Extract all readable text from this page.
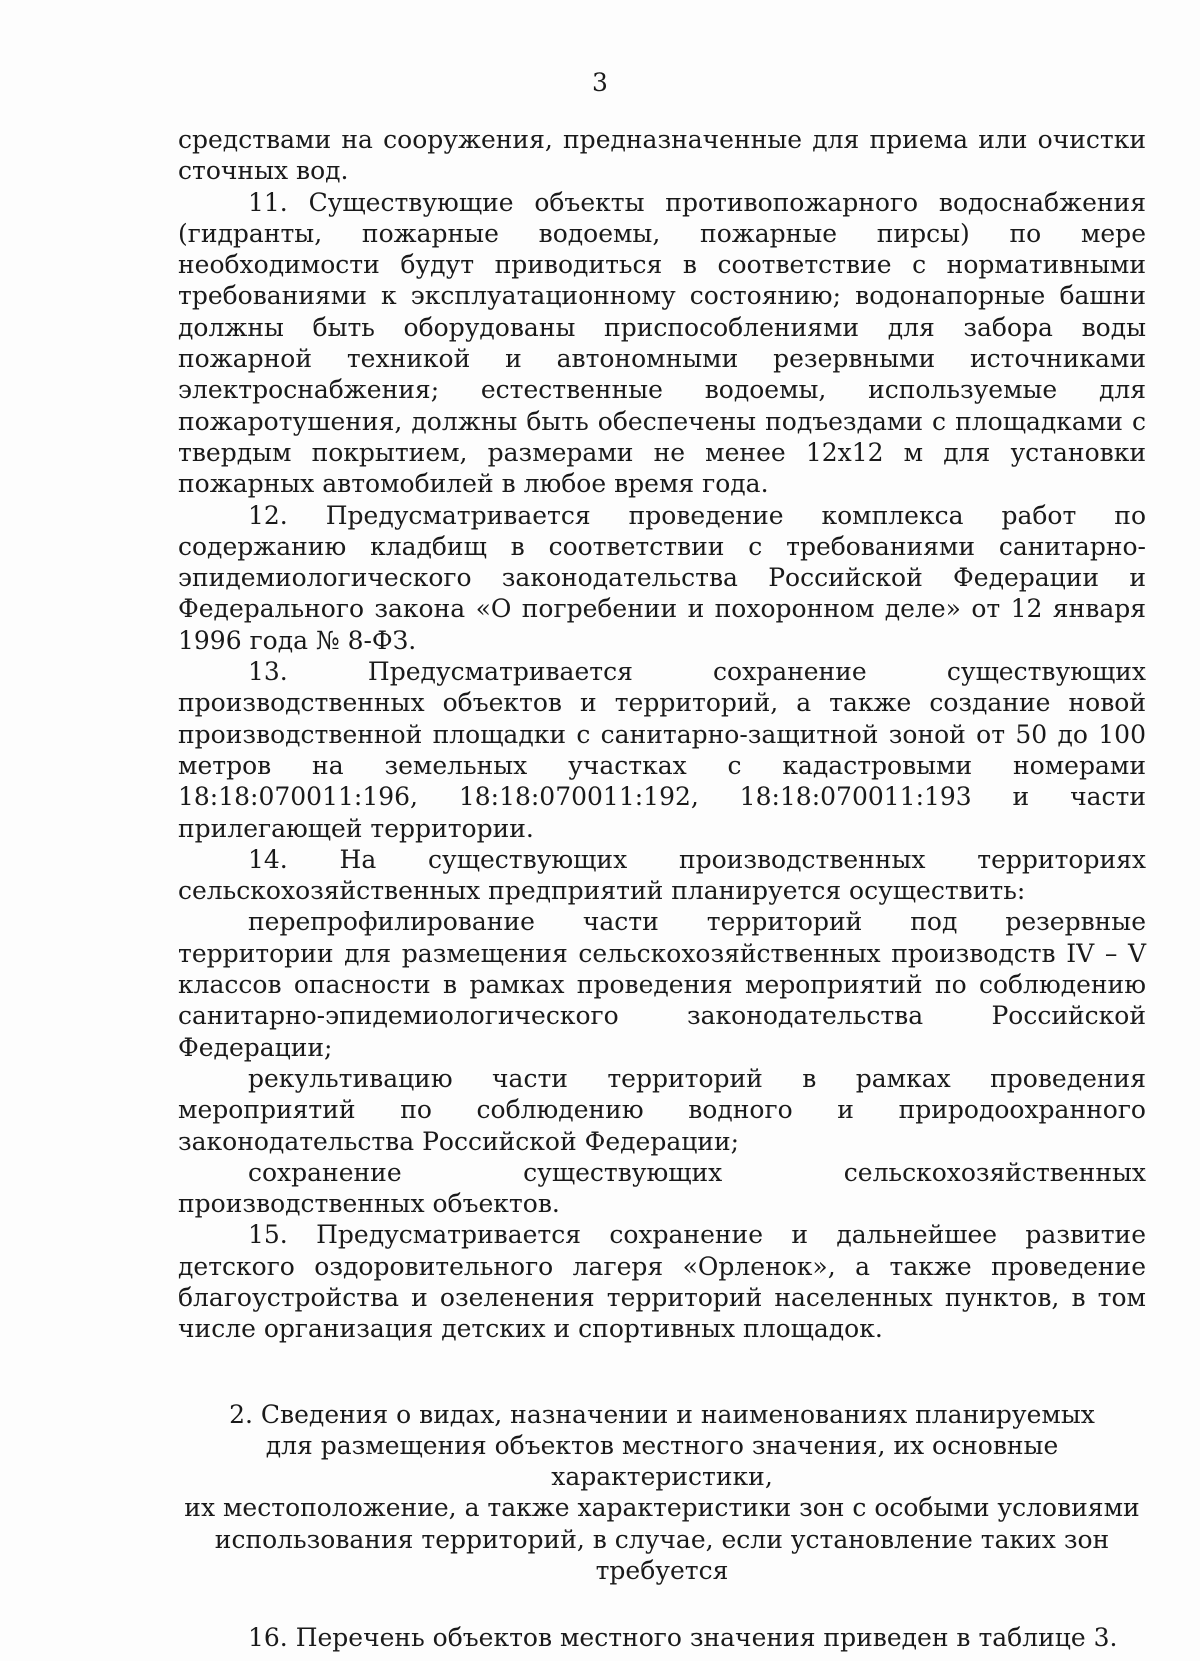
3

средствами на сооружения, предназначенные для приема или очистки сточных вод.

11. Существующие объекты противопожарного водоснабжения (гидранты, пожарные водоемы, пожарные пирсы) по мере необходимости будут приводиться в соответствие с нормативными требованиями к эксплуатационному состоянию; водонапорные башни должны быть оборудованы приспособлениями для забора воды пожарной техникой и автономными резервными источниками электроснабжения; естественные водоемы, используемые для пожаротушения, должны быть обеспечены подъездами с площадками с твердым покрытием, размерами не менее 12х12 м для установки пожарных автомобилей в любое время года.

12. Предусматривается проведение комплекса работ по содержанию кладбищ в соответствии с требованиями санитарно-эпидемиологического законодательства Российской Федерации и Федерального закона «О погребении и похоронном деле» от 12 января 1996 года № 8-ФЗ.

13. Предусматривается сохранение существующих производственных объектов и территорий, а также создание новой производственной площадки с санитарно-защитной зоной от 50 до 100 метров на земельных участках с кадастровыми номерами 18:18:070011:196, 18:18:070011:192, 18:18:070011:193 и части прилегающей территории.

14. На существующих производственных территориях сельскохозяйственных предприятий планируется осуществить:

перепрофилирование части территорий под резервные территории для размещения сельскохозяйственных производств IV – V классов опасности в рамках проведения мероприятий по соблюдению санитарно-эпидемиологического законодательства Российской Федерации;

рекультивацию части территорий в рамках проведения мероприятий по соблюдению водного и природоохранного законодательства Российской Федерации;

сохранение существующих сельскохозяйственных производственных объектов.

15. Предусматривается сохранение и дальнейшее развитие детского оздоровительного лагеря «Орленок», а также проведение благоустройства и озеленения территорий населенных пунктов, в том числе организация детских и спортивных площадок.

2. Сведения о видах, назначении и наименованиях планируемых
для размещения объектов местного значения, их основные характеристики,
их местоположение, а также характеристики зон с особыми условиями
использования территорий, в случае, если установление таких зон требуется

16. Перечень объектов местного значения приведен в таблице 3.
